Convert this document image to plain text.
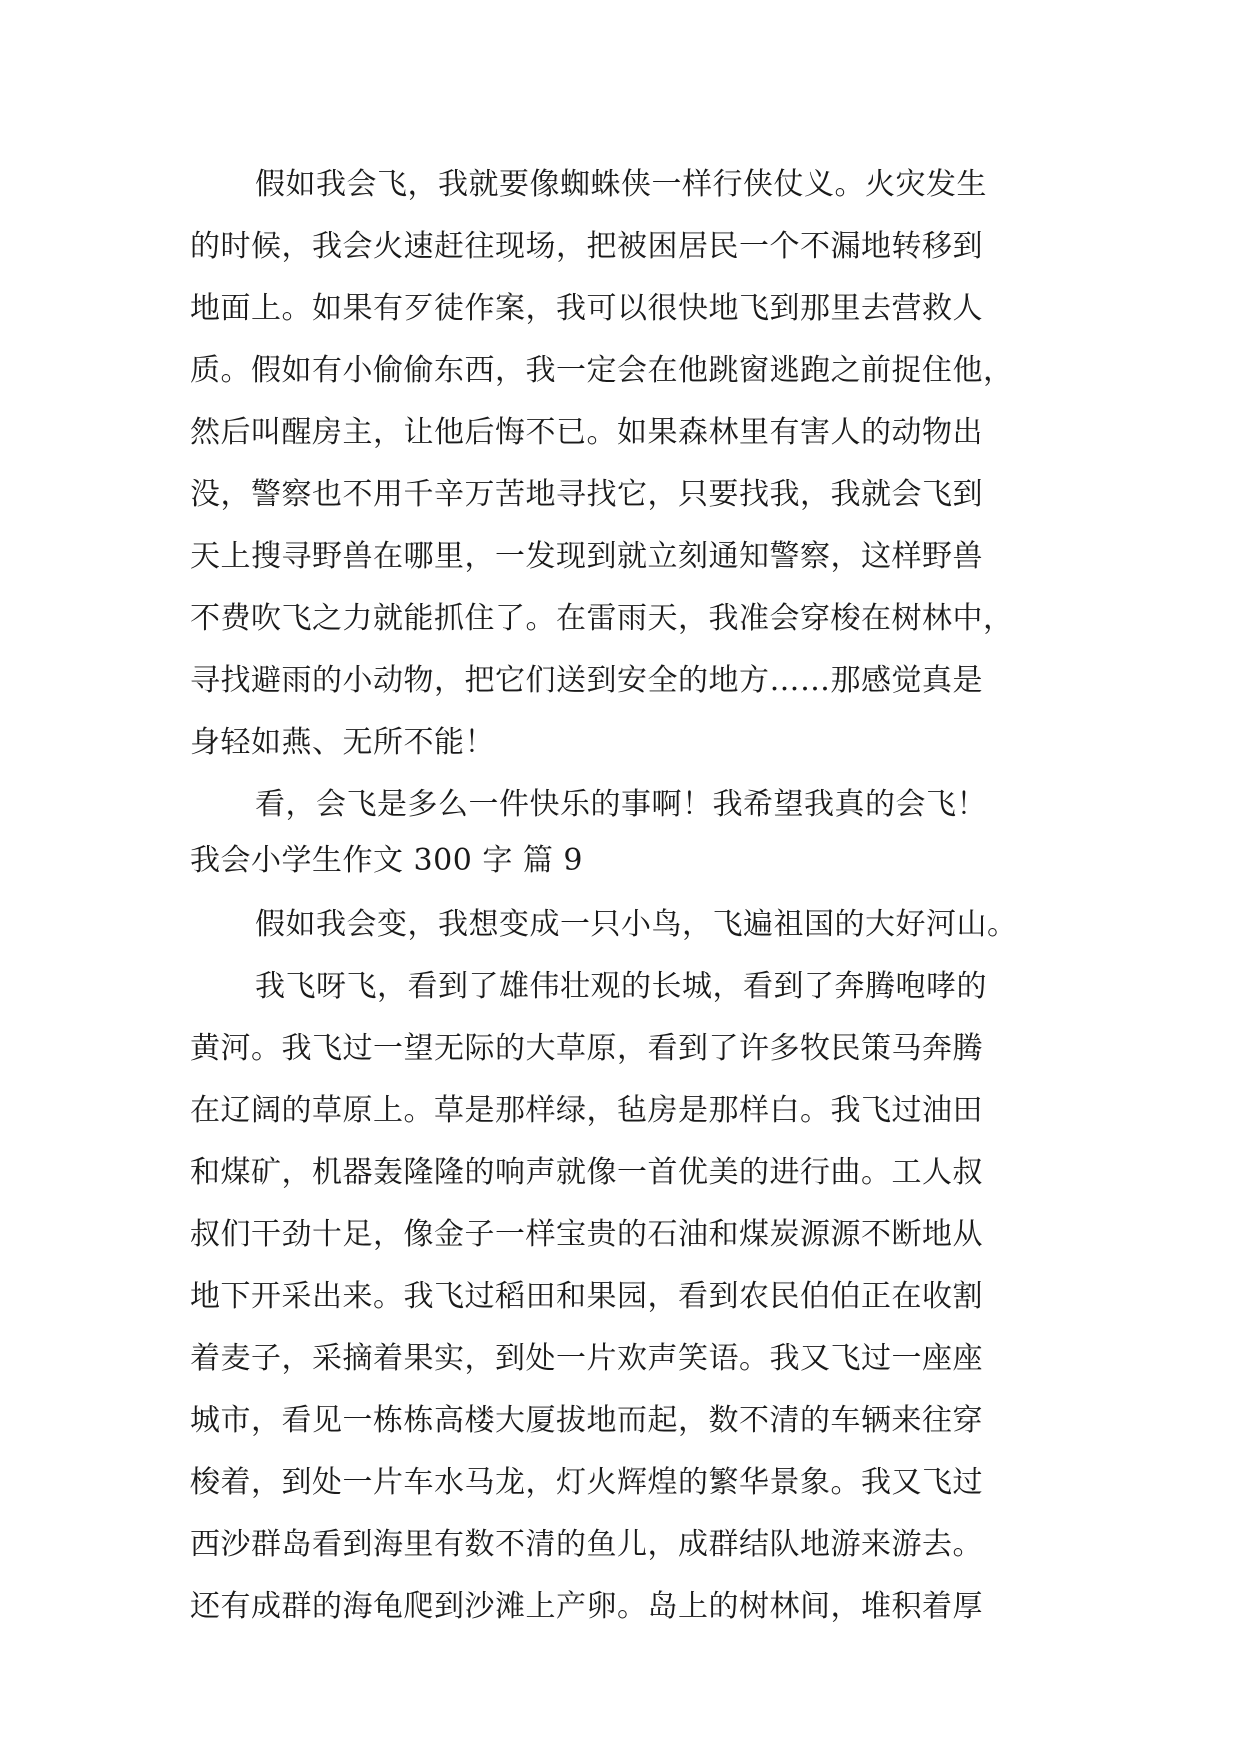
假如我会飞，我就要像蜘蛛侠一样行侠仗义。火灾发生
的时候，我会火速赶往现场，把被困居民一个不漏地转移到
地面上。如果有歹徒作案，我可以很快地飞到那里去营救人
质。假如有小偷偷东西，我一定会在他跳窗逃跑之前捉住他，
然后叫醒房主，让他后悔不已。如果森林里有害人的动物出
没，警察也不用千辛万苦地寻找它，只要找我，我就会飞到
天上搜寻野兽在哪里，一发现到就立刻通知警察，这样野兽
不费吹飞之力就能抓住了。在雷雨天，我准会穿梭在树林中，
寻找避雨的小动物，把它们送到安全的地方……那感觉真是
身轻如燕、无所不能！
看，会飞是多么一件快乐的事啊！我希望我真的会飞！
我会小学生作文 300 字 篇 9
假如我会变，我想变成一只小鸟，飞遍祖国的大好河山。
我飞呀飞，看到了雄伟壮观的长城，看到了奔腾咆哮的
黄河。我飞过一望无际的大草原，看到了许多牧民策马奔腾
在辽阔的草原上。草是那样绿，毡房是那样白。我飞过油田
和煤矿，机器轰隆隆的响声就像一首优美的进行曲。工人叔
叔们干劲十足，像金子一样宝贵的石油和煤炭源源不断地从
地下开采出来。我飞过稻田和果园，看到农民伯伯正在收割
着麦子，采摘着果实，到处一片欢声笑语。我又飞过一座座
城市，看见一栋栋高楼大厦拔地而起，数不清的车辆来往穿
梭着，到处一片车水马龙，灯火辉煌的繁华景象。我又飞过
西沙群岛看到海里有数不清的鱼儿，成群结队地游来游去。
还有成群的海龟爬到沙滩上产卵。岛上的树林间，堆积着厚
